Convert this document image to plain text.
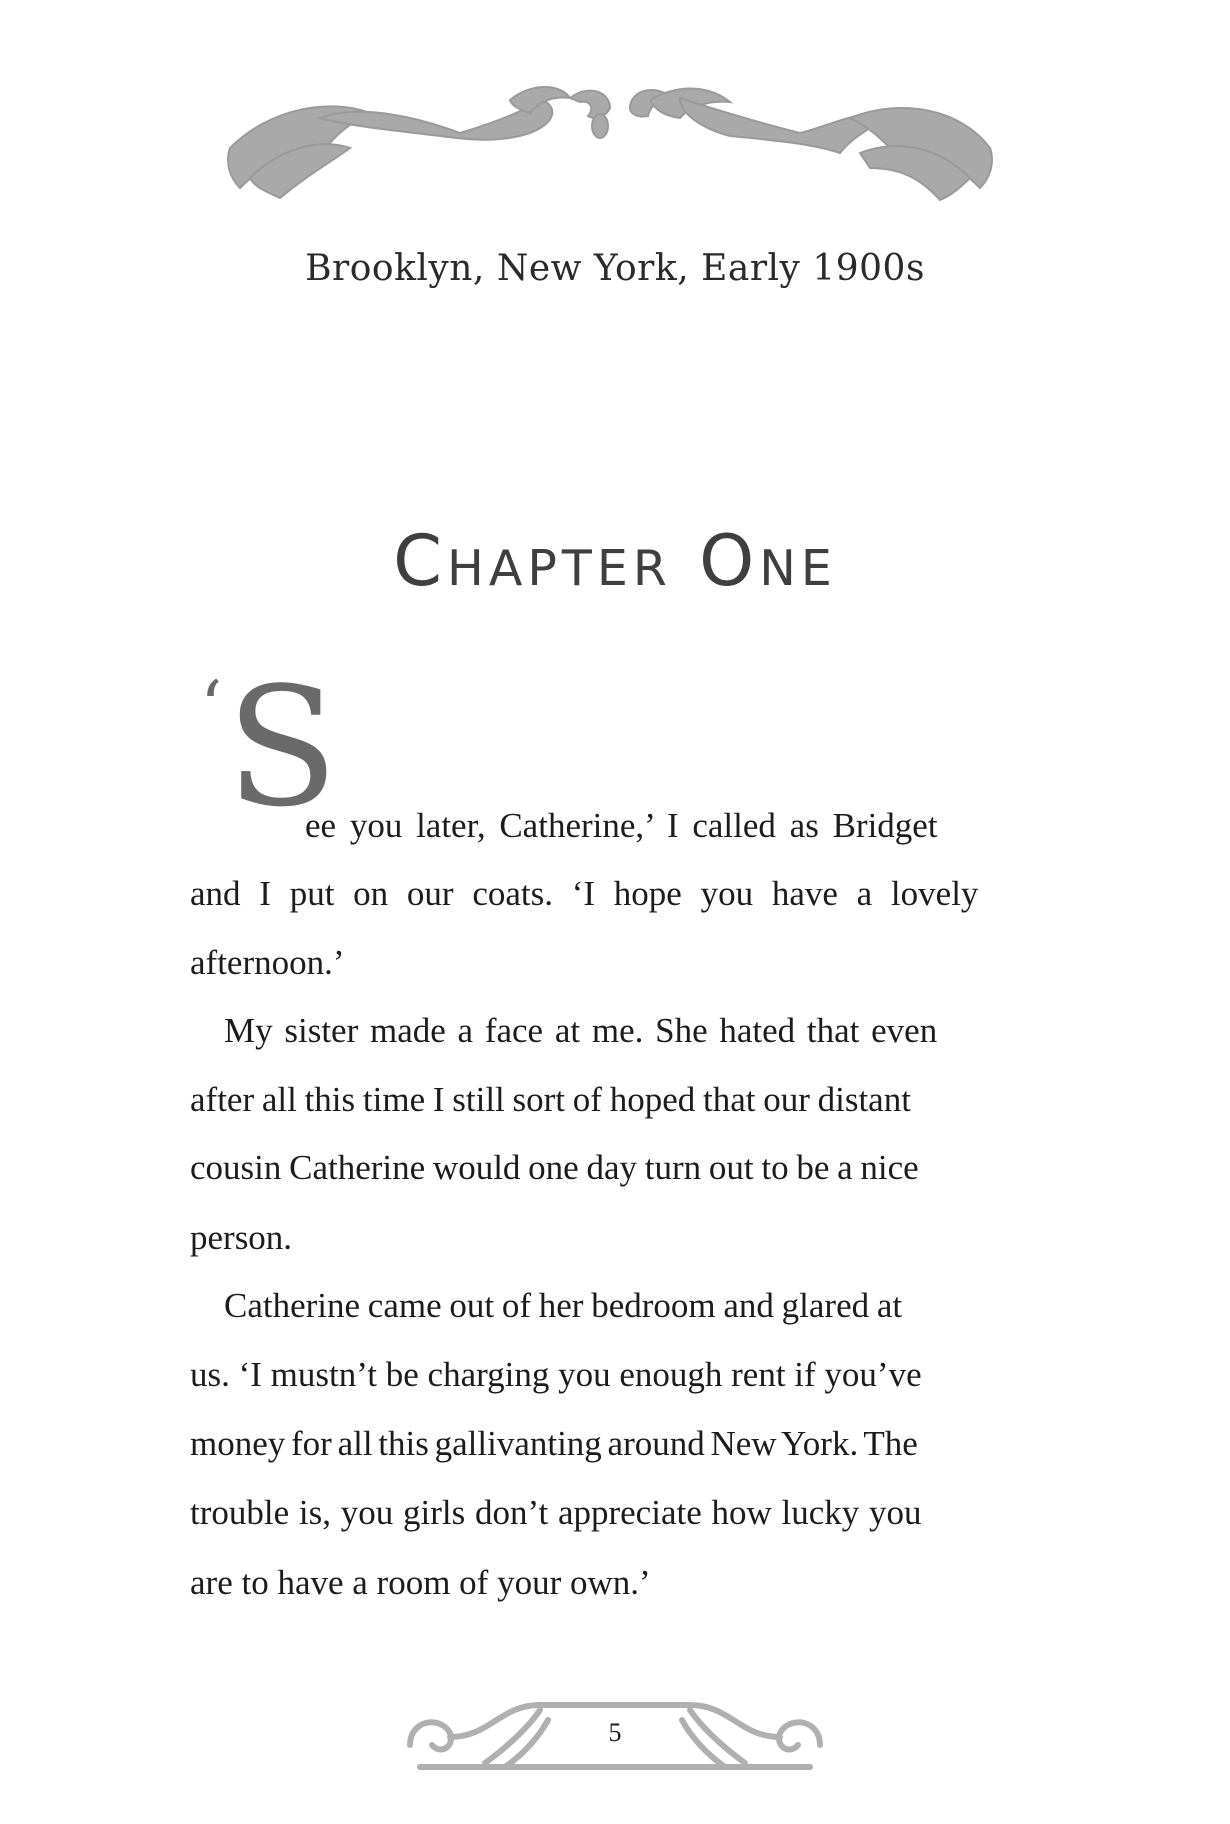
Brooklyn, New York, Early 1900s
Chapter One
‘ S
ee you later, Catherine,’ I called as Bridget
and I put on our coats. ‘I hope you have a lovely
afternoon.’
My sister made a face at me. She hated that even
after all this time I still sort of hoped that our distant
cousin Catherine would one day turn out to be a nice
person.
Catherine came out of her bedroom and glared at
us. ‘I mustn’t be charging you enough rent if you’ve
money for all this gallivanting around New York. The
trouble is, you girls don’t appreciate how lucky you
are to have a room of your own.’
5
